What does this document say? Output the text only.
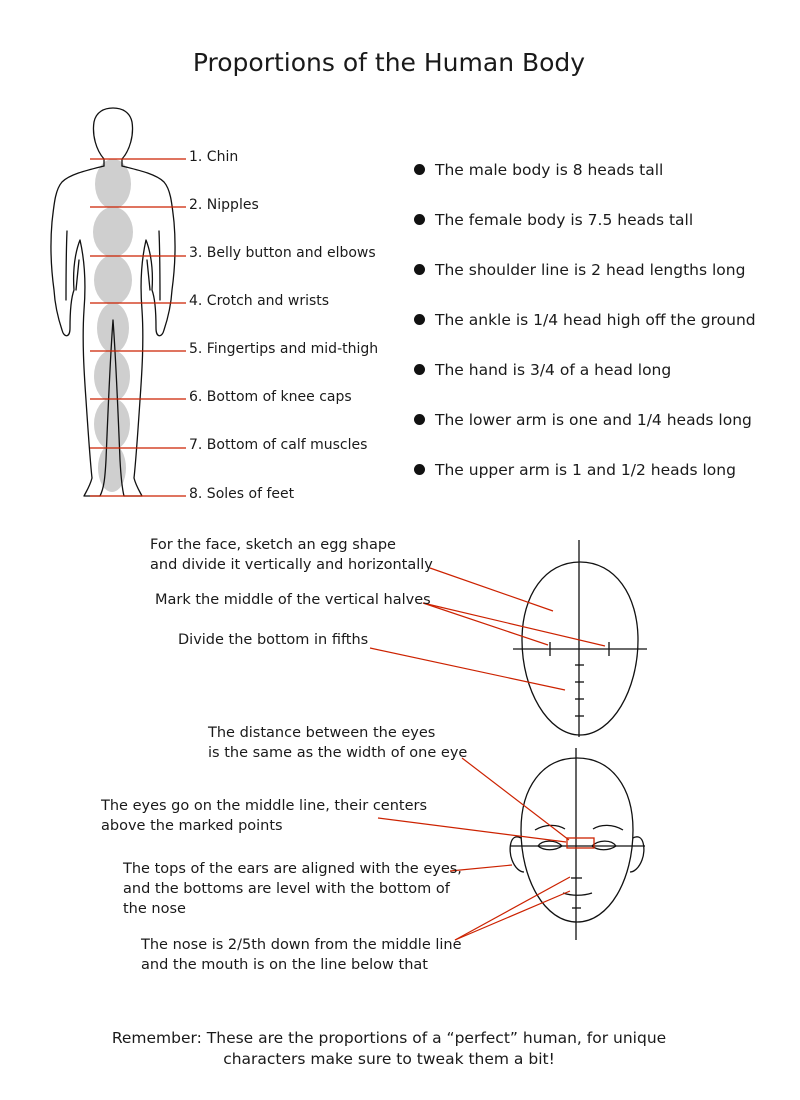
Proportions of the Human Body
1. Chin
2. Nipples
3. Belly button and elbows
4. Crotch and wrists
5. Fingertips and mid-thigh
6. Bottom of knee caps
7. Bottom of calf muscles
8. Soles of feet
The male body is 8 heads tall
The female body is 7.5 heads tall
The shoulder line is 2 head lengths long
The ankle is 1/4 head high off the ground
The hand is 3/4 of a head long
The lower arm is one and 1/4 heads long
The upper arm is 1 and 1/2 heads long
For the face, sketch an egg shape
and divide it vertically and horizontally
Mark the middle of the vertical halves
Divide the bottom in fifths
The distance between the eyes
is the same as the width of one eye
The eyes go on the middle line, their centers
above the marked points
The tops of the ears are aligned with the eyes,
and the bottoms are level with the bottom of
the nose
The nose is 2/5th down from the middle line
and the mouth is on the line below that
Remember: These are the proportions of a “perfect” human, for unique
characters make sure to tweak them a bit!
